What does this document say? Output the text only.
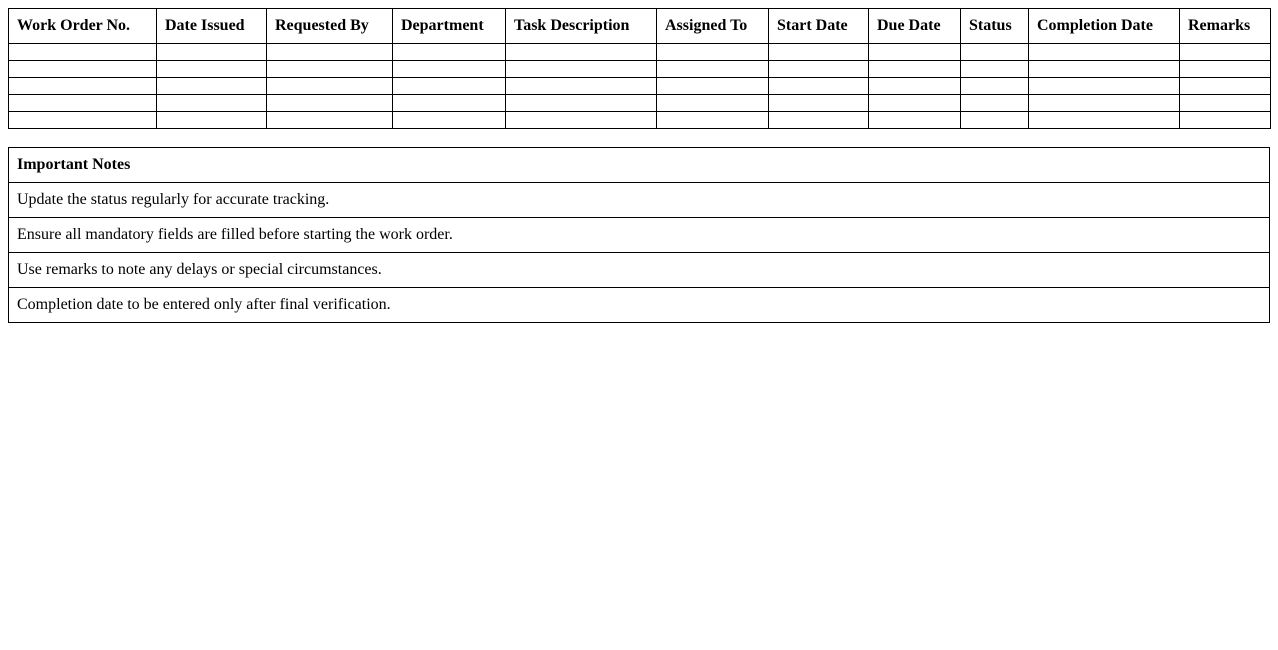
Work Order No.	Date Issued	Requested By	Department	Task Description	Assigned To	Start Date	Due Date	Status	Completion Date	Remarks

Important Notes
Update the status regularly for accurate tracking.
Ensure all mandatory fields are filled before starting the work order.
Use remarks to note any delays or special circumstances.
Completion date to be entered only after final verification.
